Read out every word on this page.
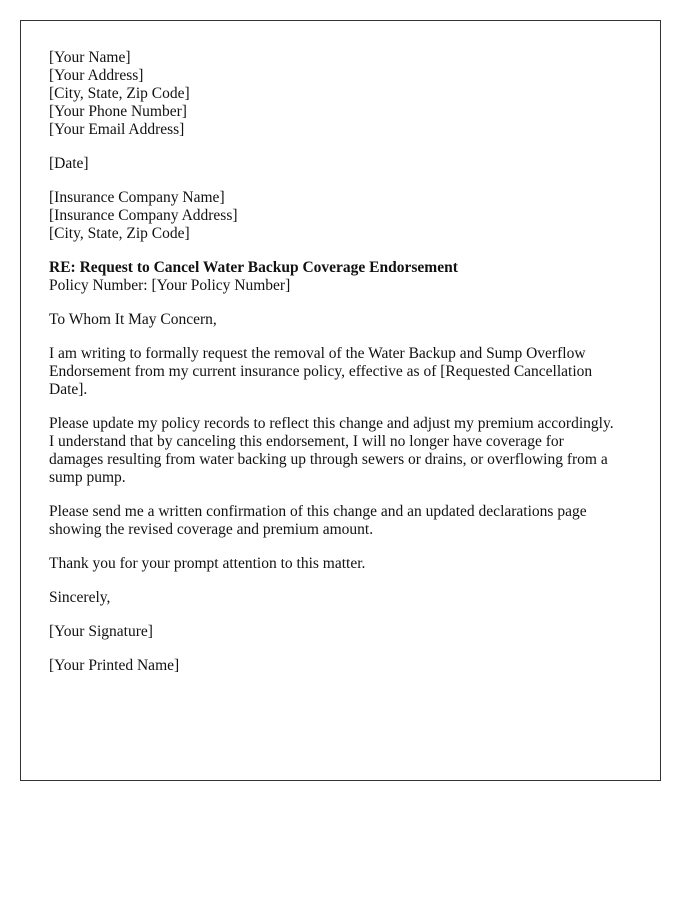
[Your Name]
[Your Address]
[City, State, Zip Code]
[Your Phone Number]
[Your Email Address]
[Date]
[Insurance Company Name]
[Insurance Company Address]
[City, State, Zip Code]
RE: Request to Cancel Water Backup Coverage Endorsement
Policy Number: [Your Policy Number]
To Whom It May Concern,
I am writing to formally request the removal of the Water Backup and Sump Overflow
Endorsement from my current insurance policy, effective as of [Requested Cancellation
Date].
Please update my policy records to reflect this change and adjust my premium accordingly.
I understand that by canceling this endorsement, I will no longer have coverage for
damages resulting from water backing up through sewers or drains, or overflowing from a
sump pump.
Please send me a written confirmation of this change and an updated declarations page
showing the revised coverage and premium amount.
Thank you for your prompt attention to this matter.
Sincerely,
[Your Signature]
[Your Printed Name]
